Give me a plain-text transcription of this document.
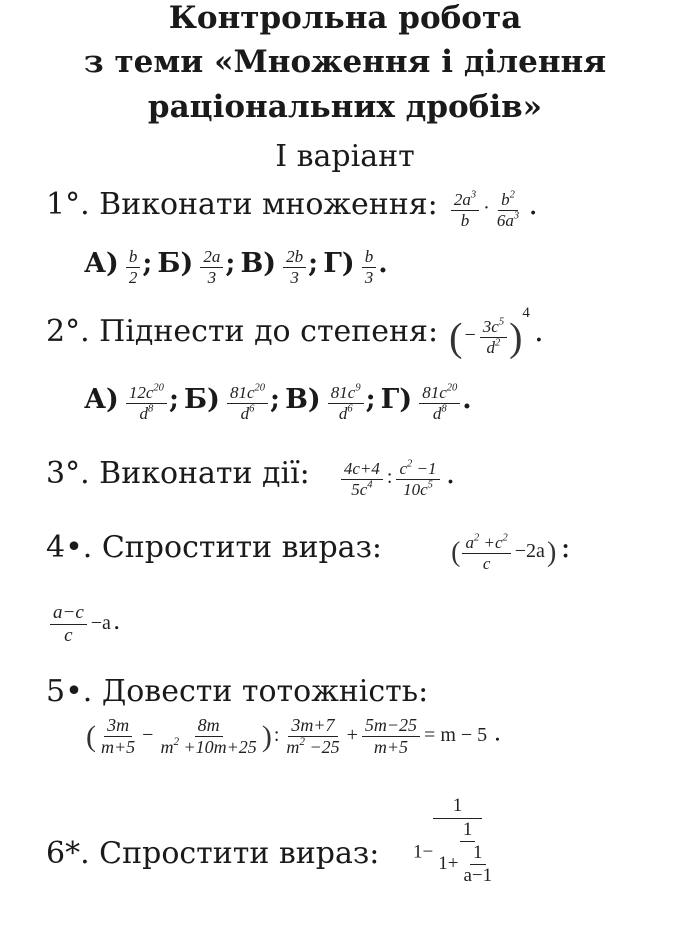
Контрольна робота
з теми «Множення і ділення
раціональних дробів»
І варіант
1°. Виконати множення: $\frac{2a^3}{b} \cdot \frac{b^2}{6a^3}$ .
$А) \frac{b}{2}$ ; $Б) \frac{2a}{3}$ ; $В) \frac{2b}{3}$ ; $Г) \frac{b}{3}$ .
2°. Піднести до степеня: ( − $\frac{3c^5}{d^2} )^4$ .
$А) \frac{12c^{20}}{d^8}$ ; $Б) \frac{81c^{20}}{d^6}$ ; $В) \frac{81c^9}{d^6}$ ; $Г) \frac{81c^{20}}{d^8}$ .
3°. Виконати дії: $\frac{4c+4}{5c^4}$ : $\frac{c^2 -1}{10c^5}$ .
4•. Спростити вираз: ( $\frac{a^2 +c^2}{c} -2a$) :
$\frac{a-c}{c} -a$.
5•. Довести тотожність:
( $\frac{3m}{m+5} - \frac{8m}{m^2 +10m+25}$ ) : $\frac{3m+7}{m^2 -25} + \frac{5m-25}{m+5} = m - 5$ .
6*. Спростити вираз: $\frac{1}{1- \frac{1}{1+ \frac{1}{a-1}}}$
